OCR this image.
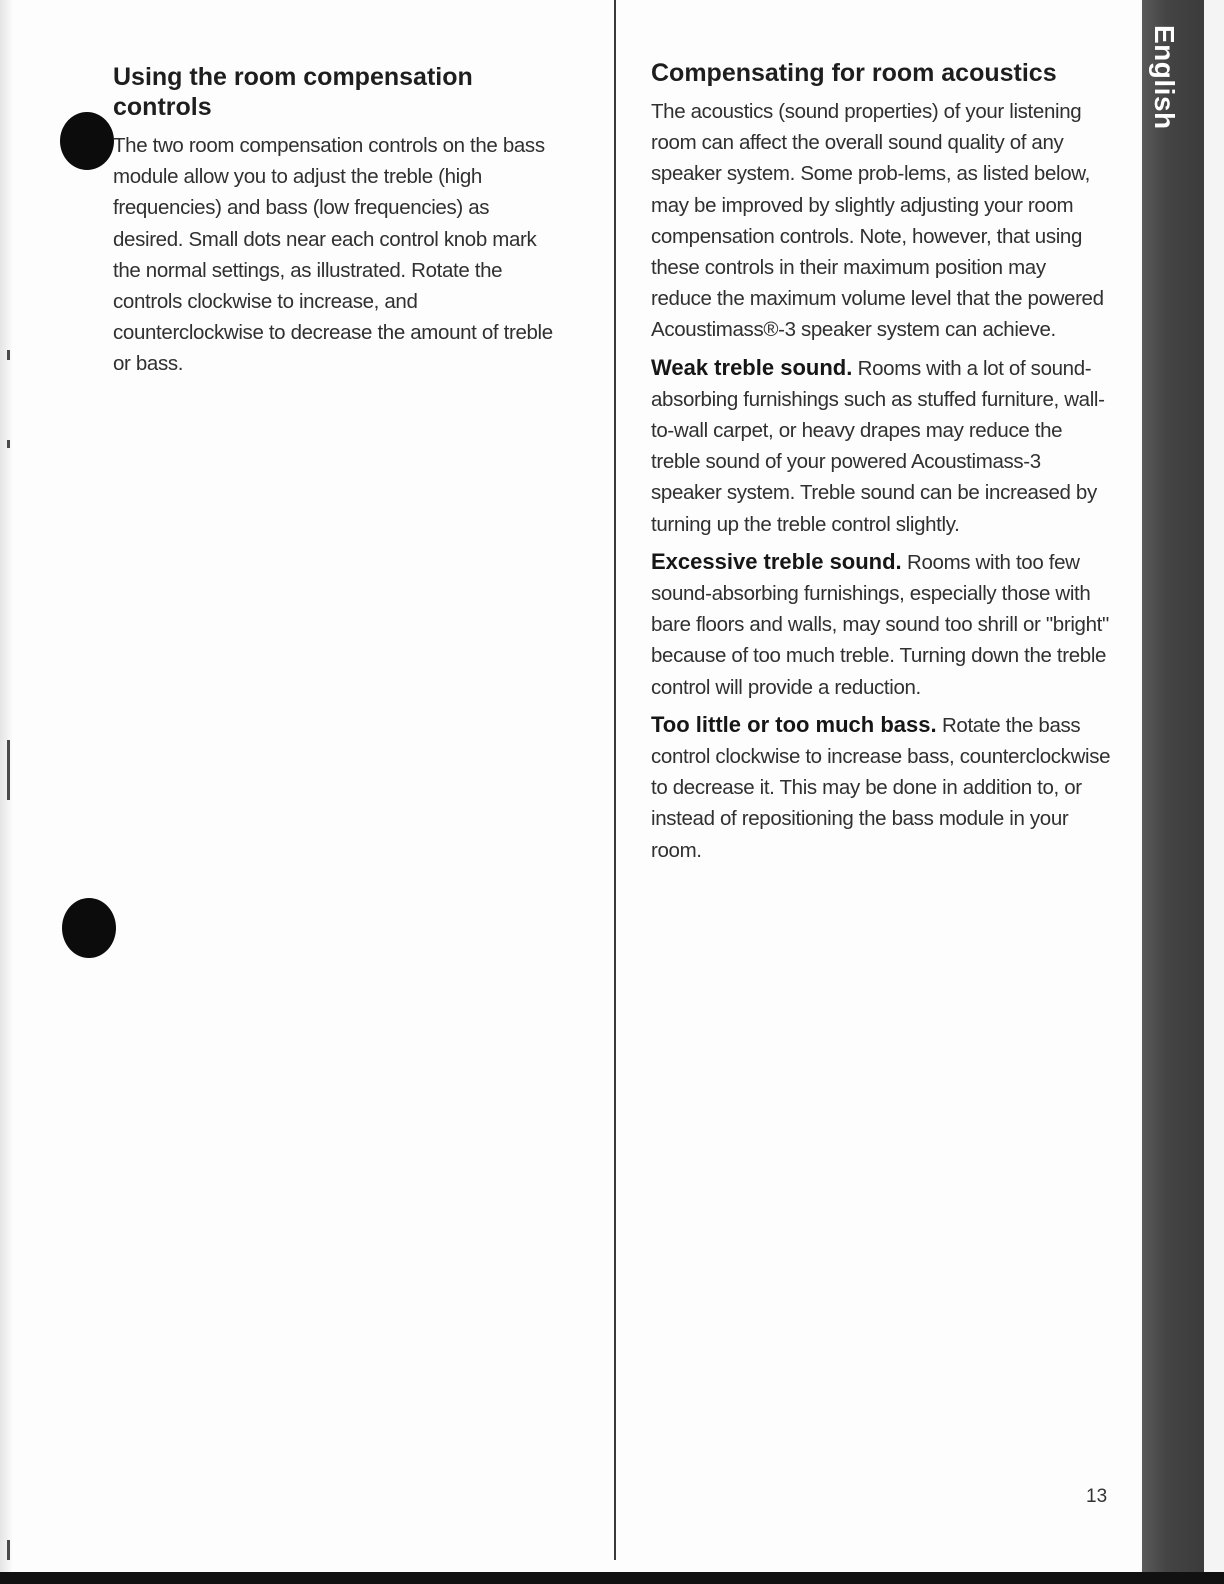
Using the room compensation controls

The two room compensation controls on the bass module allow you to adjust the treble (high frequencies) and bass (low frequencies) as desired. Small dots near each control knob mark the normal settings, as illustrated. Rotate the controls clockwise to increase, and counterclockwise to decrease the amount of treble or bass.

Compensating for room acoustics

The acoustics (sound properties) of your listening room can affect the overall sound quality of any speaker system. Some prob-lems, as listed below, may be improved by slightly adjusting your room compensation controls. Note, however, that using these controls in their maximum position may reduce the maximum volume level that the powered Acoustimass®-3 speaker system can achieve.

Weak treble sound. Rooms with a lot of sound-absorbing furnishings such as stuffed furniture, wall-to-wall carpet, or heavy drapes may reduce the treble sound of your powered Acoustimass-3 speaker system. Treble sound can be increased by turning up the treble control slightly.

Excessive treble sound. Rooms with too few sound-absorbing furnishings, especially those with bare floors and walls, may sound too shrill or "bright" because of too much treble. Turning down the treble control will provide a reduction.

Too little or too much bass. Rotate the bass control clockwise to increase bass, counterclockwise to decrease it. This may be done in addition to, or instead of repositioning the bass module in your room.

13
English
